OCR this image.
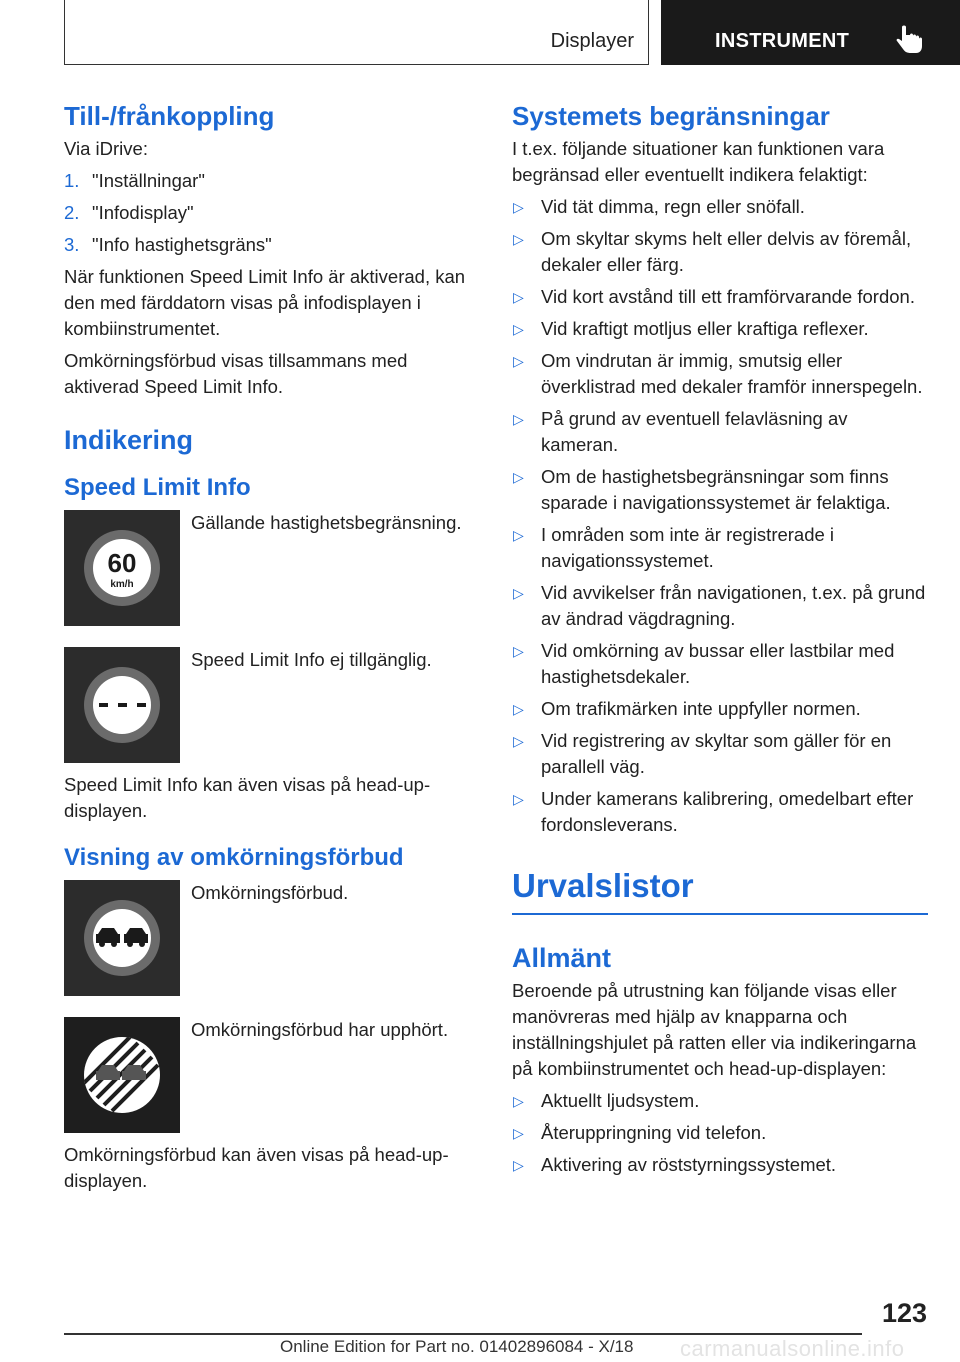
Displayer	INSTRUMENT
Till-/frånkoppling

Via iDrive:

1. "Inställningar"
2. "Infodisplay"
3. "Info hastighetsgräns"

När funktionen Speed Limit Info är aktiverad, kan den med färddatorn visas på infodisplayen i kombiinstrumentet.

Omkörningsförbud visas tillsammans med aktiverad Speed Limit Info.

Indikering
Speed Limit Info
60
km/h

Gällande hastighetsbegränsning.

Speed Limit Info ej tillgänglig.

Speed Limit Info kan även visas på head-up-displayen.

Visning av omkörningsförbud

Omkörningsförbud.

Omkörningsförbud har upphört.

Omkörningsförbud kan även visas på head-up-displayen.

Systemets begränsningar

I t.ex. följande situationer kan funktionen vara begränsad eller eventuellt indikera felaktigt:

▷ Vid tät dimma, regn eller snöfall.
▷ Om skyltar skyms helt eller delvis av föremål, dekaler eller färg.
▷ Vid kort avstånd till ett framförvarande fordon.
▷ Vid kraftigt motljus eller kraftiga reflexer.
▷ Om vindrutan är immig, smutsig eller överklistrad med dekaler framför innerspegeln.
▷ På grund av eventuell felavläsning av kameran.
▷ Om de hastighetsbegränsningar som finns sparade i navigationssystemet är felaktiga.
▷ I områden som inte är registrerade i navigationssystemet.
▷ Vid avvikelser från navigationen, t.ex. på grund av ändrad vägdragning.
▷ Vid omkörning av bussar eller lastbilar med hastighetsdekaler.
▷ Om trafikmärken inte uppfyller normen.
▷ Vid registrering av skyltar som gäller för en parallell väg.
▷ Under kamerans kalibrering, omedelbart efter fordonsleverans.
Urvalslistor
Allmänt

Beroende på utrustning kan följande visas eller manövreras med hjälp av knapparna och inställningshjulet på ratten eller via indikeringarna på kombiinstrumentet och head-up-displayen:

▷ Aktuellt ljudsystem.
▷ Återuppringning vid telefon.
▷ Aktivering av röststyrningssystemet.
123
Online Edition for Part no. 01402896084 - X/18 carmanualsonline.info
